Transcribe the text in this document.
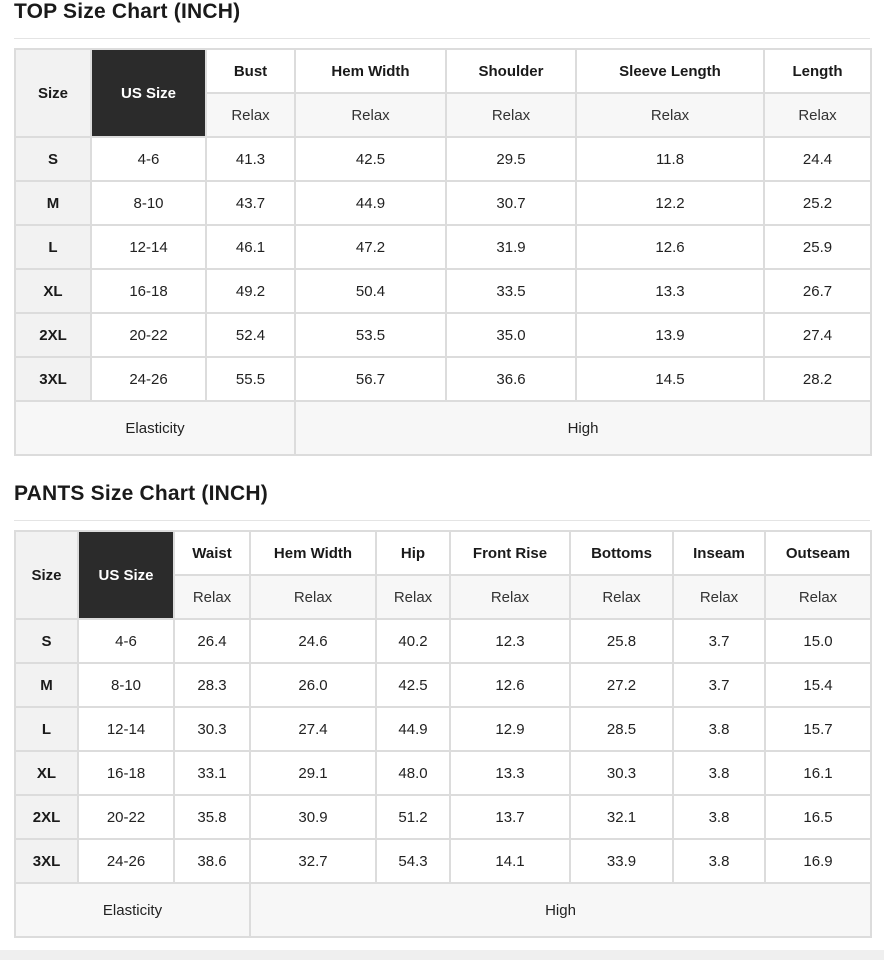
TOP Size Chart (INCH)
Size	US Size	Bust	Hem Width	Shoulder	Sleeve Length	Length
		Relax	Relax	Relax	Relax	Relax
S	4-6	41.3	42.5	29.5	11.8	24.4
M	8-10	43.7	44.9	30.7	12.2	25.2
L	12-14	46.1	47.2	31.9	12.6	25.9
XL	16-18	49.2	50.4	33.5	13.3	26.7
2XL	20-22	52.4	53.5	35.0	13.9	27.4
3XL	24-26	55.5	56.7	36.6	14.5	28.2
Elasticity			High			
PANTS Size Chart (INCH)
Size	US Size	Waist	Hem Width	Hip	Front Rise	Bottoms	Inseam	Outseam
		Relax	Relax	Relax	Relax	Relax	Relax	Relax
S	4-6	26.4	24.6	40.2	12.3	25.8	3.7	15.0
M	8-10	28.3	26.0	42.5	12.6	27.2	3.7	15.4
L	12-14	30.3	27.4	44.9	12.9	28.5	3.8	15.7
XL	16-18	33.1	29.1	48.0	13.3	30.3	3.8	16.1
2XL	20-22	35.8	30.9	51.2	13.7	32.1	3.8	16.5
3XL	24-26	38.6	32.7	54.3	14.1	33.9	3.8	16.9
Elasticity			High					
